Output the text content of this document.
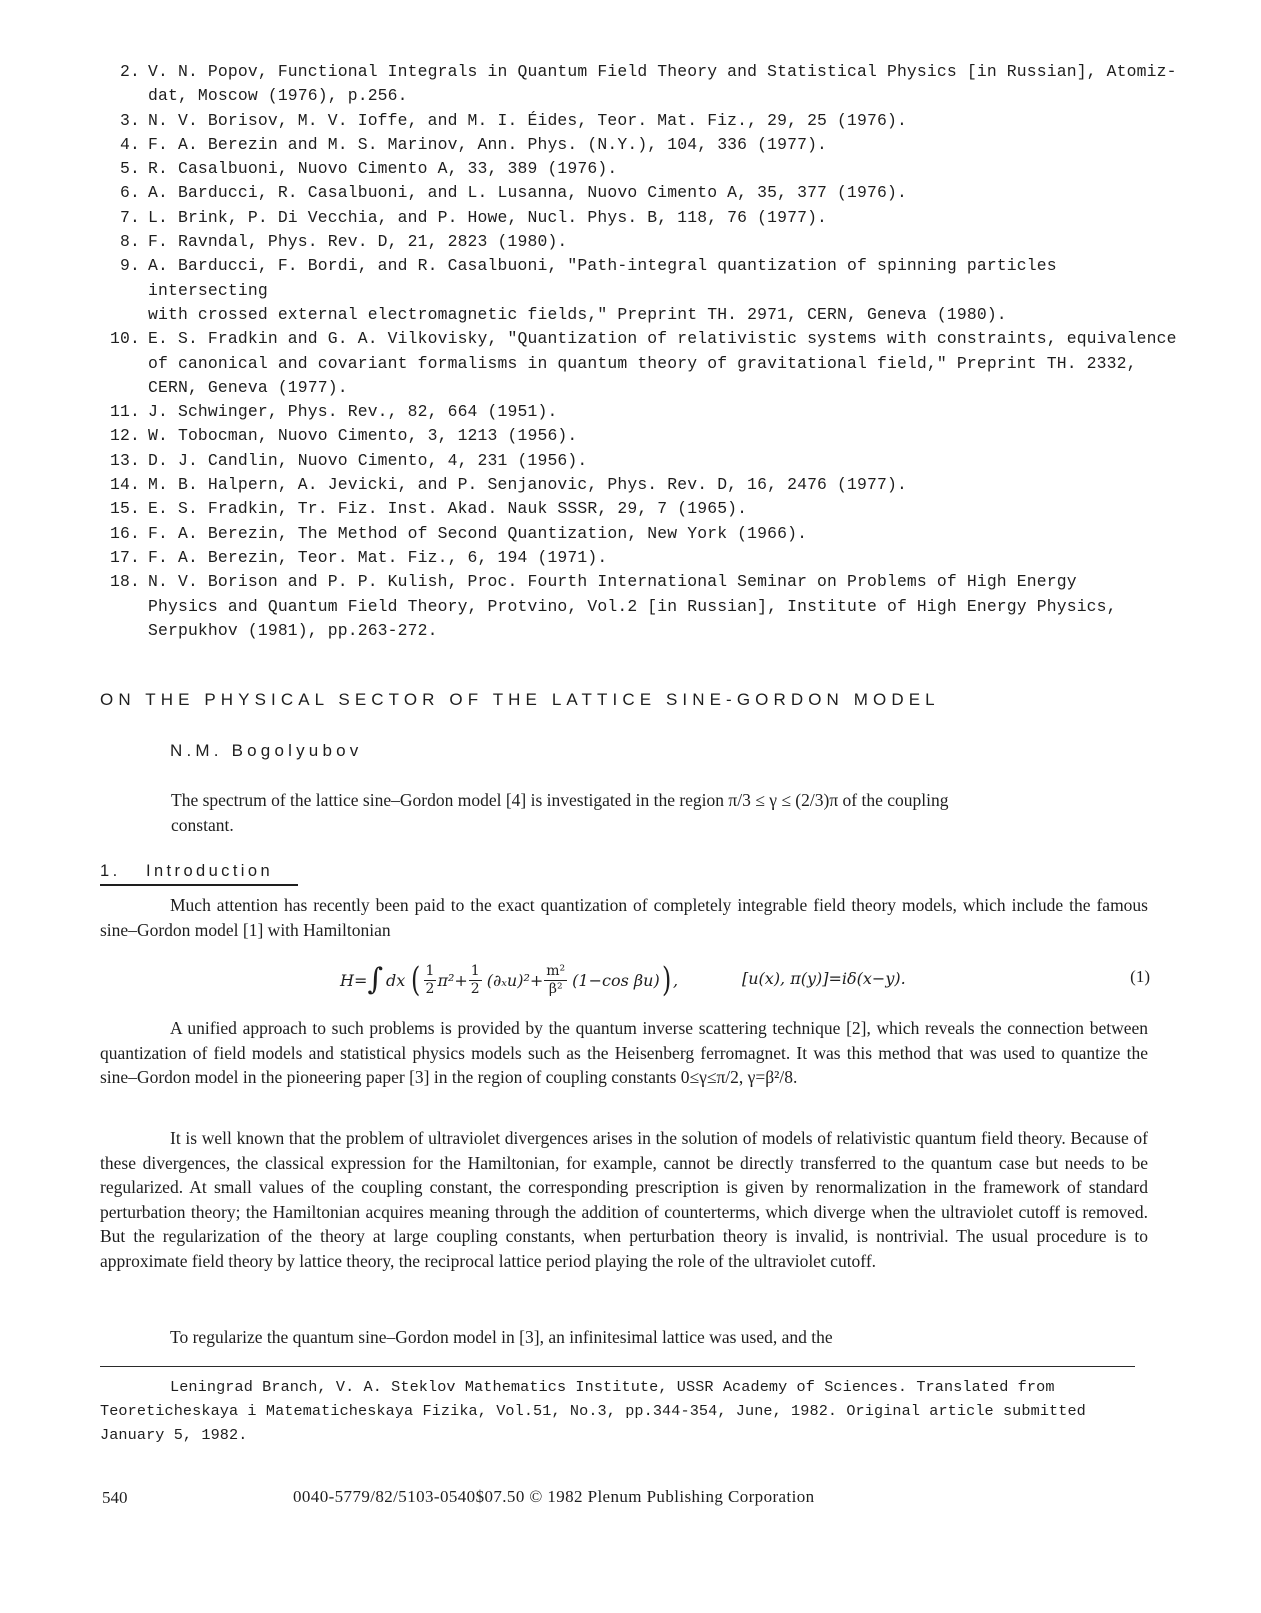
2. V. N. Popov, Functional Integrals in Quantum Field Theory and Statistical Physics [in Russian], Atomiz-
dat, Moscow (1976), p.256.
3. N. V. Borisov, M. V. Ioffe, and M. I. Éides, Teor. Mat. Fiz., 29, 25 (1976).
4. F. A. Berezin and M. S. Marinov, Ann. Phys. (N.Y.), 104, 336 (1977).
5. R. Casalbuoni, Nuovo Cimento A, 33, 389 (1976).
6. A. Barducci, R. Casalbuoni, and L. Lusanna, Nuovo Cimento A, 35, 377 (1976).
7. L. Brink, P. Di Vecchia, and P. Howe, Nucl. Phys. B, 118, 76 (1977).
8. F. Ravndal, Phys. Rev. D, 21, 2823 (1980).
9. A. Barducci, F. Bordi, and R. Casalbuoni, "Path-integral quantization of spinning particles intersecting
with crossed external electromagnetic fields," Preprint TH. 2971, CERN, Geneva (1980).
10. E. S. Fradkin and G. A. Vilkovisky, "Quantization of relativistic systems with constraints, equivalence
of canonical and covariant formalisms in quantum theory of gravitational field," Preprint TH. 2332,
CERN, Geneva (1977).
11. J. Schwinger, Phys. Rev., 82, 664 (1951).
12. W. Tobocman, Nuovo Cimento, 3, 1213 (1956).
13. D. J. Candlin, Nuovo Cimento, 4, 231 (1956).
14. M. B. Halpern, A. Jevicki, and P. Senjanovic, Phys. Rev. D, 16, 2476 (1977).
15. E. S. Fradkin, Tr. Fiz. Inst. Akad. Nauk SSSR, 29, 7 (1965).
16. F. A. Berezin, The Method of Second Quantization, New York (1966).
17. F. A. Berezin, Teor. Mat. Fiz., 6, 194 (1971).
18. N. V. Borison and P. P. Kulish, Proc. Fourth International Seminar on Problems of High Energy
Physics and Quantum Field Theory, Protvino, Vol.2 [in Russian], Institute of High Energy Physics,
Serpukhov (1981), pp.263-272.
ON THE PHYSICAL SECTOR OF THE LATTICE SINE-GORDON MODEL

N.M. Bogolyubov

The spectrum of the lattice sine–Gordon model [4] is investigated in the region π/3 ≤ γ ≤ (2/3)π of the coupling constant.

1. Introduction

Much attention has recently been paid to the exact quantization of completely integrable field theory models, which include the famous sine–Gordon model [1] with Hamiltonian

H= ∫ dx ( $\frac{1}{2} \pi^2+ \frac{1}{2} (\partial_xu)^2+ \frac{\text{m²}}{\text{β²}} (1-\cos$ βu) ) ,	[u(x), π(y)]=iδ(x−y).	(1)

A unified approach to such problems is provided by the quantum inverse scattering technique [2], which reveals the connection between quantization of field models and statistical physics models such as the Heisenberg ferromagnet. It was this method that was used to quantize the sine–Gordon model in the pioneering paper [3] in the region of coupling constants 0≤γ≤π/2, γ=β²/8.

It is well known that the problem of ultraviolet divergences arises in the solution of models of relativistic quantum field theory. Because of these divergences, the classical expression for the Hamiltonian, for example, cannot be directly transferred to the quantum case but needs to be regularized. At small values of the coupling constant, the corresponding prescription is given by renormalization in the framework of standard perturbation theory; the Hamiltonian acquires meaning through the addition of counterterms, which diverge when the ultraviolet cutoff is removed. But the regularization of the theory at large coupling constants, when perturbation theory is invalid, is nontrivial. The usual procedure is to approximate field theory by lattice theory, the reciprocal lattice period playing the role of the ultraviolet cutoff.

To regularize the quantum sine–Gordon model in [3], an infinitesimal lattice was used, and the

Leningrad Branch, V. A. Steklov Mathematics Institute, USSR Academy of Sciences. Translated from Teoreticheskaya i Matematicheskaya Fizika, Vol.51, No.3, pp.344-354, June, 1982. Original article submitted January 5, 1982.

540	0040-5779/82/5103-0540$07.50 © 1982 Plenum Publishing Corporation
